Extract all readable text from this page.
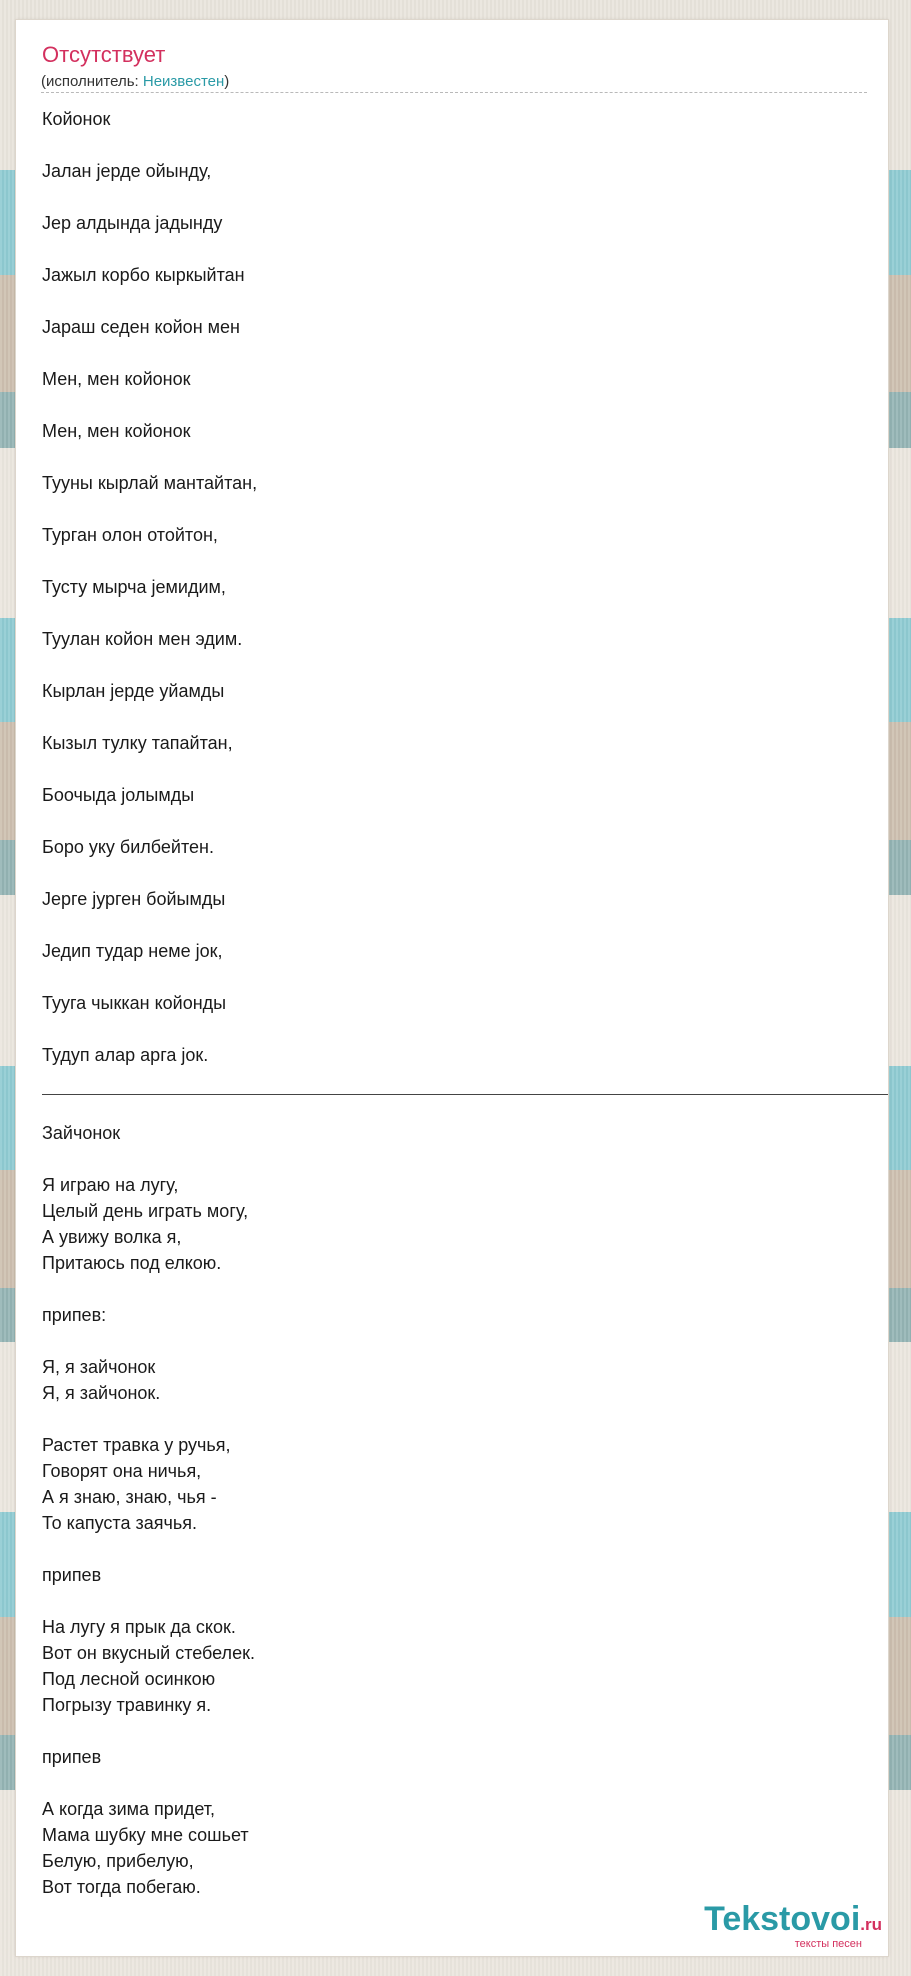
Отсутствует
(исполнитель: Неизвестен)
Койонок
Јалан јерде ойынду,
Јер алдында јадынду
Јажыл корбо кыркыйтан
Јараш седен койон мен
Мен, мен койонок
Мен, мен койонок
Тууны кырлай мантайтан,
Турган олон отойтон,
Тусту мырча јемидим,
Туулан койон мен эдим.
Кырлан јерде уйамды
Кызыл тулку тапайтан,
Боочыда јолымды
Боро уку билбейтен.
Јерге јурген бойымды
Једип тудар неме јок,
Тууга чыккан койонды
Тудуп алар арга јок.
Зайчонок
Я играю на лугу,
Целый день играть могу,
А увижу волка я,
Притаюсь под елкою.
припев:
Я, я зайчонок
Я, я зайчонок.
Растет травка у ручья,
Говорят она ничья,
А я знаю, знаю, чья -
То капуста заячья.
припев
На лугу я прык да скок.
Вот он вкусный стебелек.
Под лесной осинкою
Погрызу травинку я.
припев
А когда зима придет,
Мама шубку мне сошьет
Белую, прибелую,
Вот тогда побегаю.
Tekstovoi.ru
тексты песен
